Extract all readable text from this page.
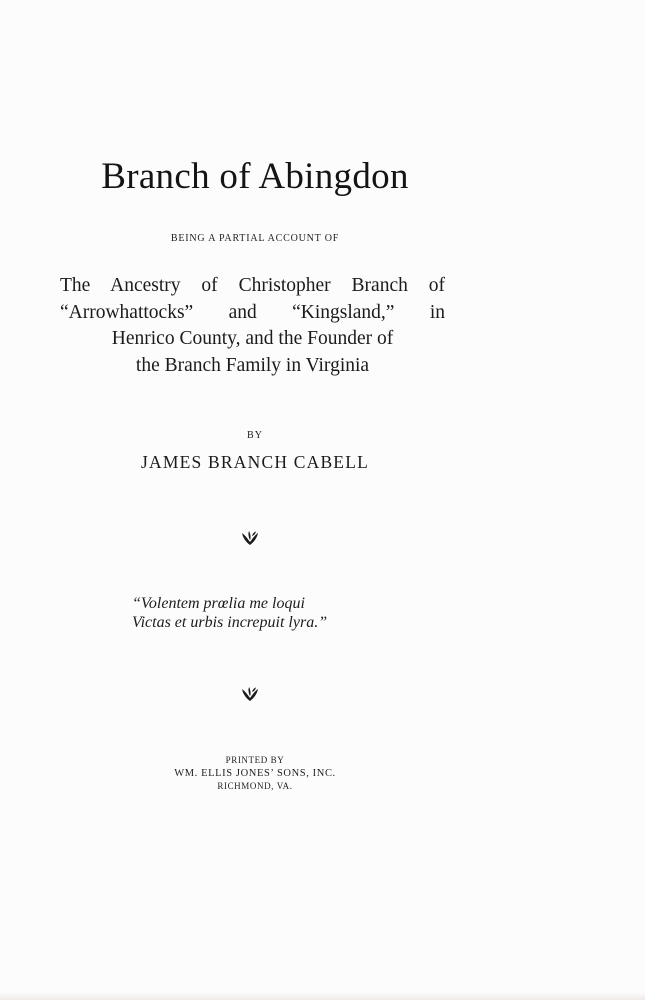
Branch of Abingdon
BEING A PARTIAL ACCOUNT OF
The Ancestry of Christopher Branch of
“Arrowhattocks” and “Kingsland,” in
Henrico County, and the Founder of
the Branch Family in Virginia
BY
JAMES BRANCH CABELL
“Volentem prœlia me loqui
Victas et urbis increpuit lyra.”
PRINTED BY
WM. ELLIS JONES’ SONS, INC.
RICHMOND, VA.
